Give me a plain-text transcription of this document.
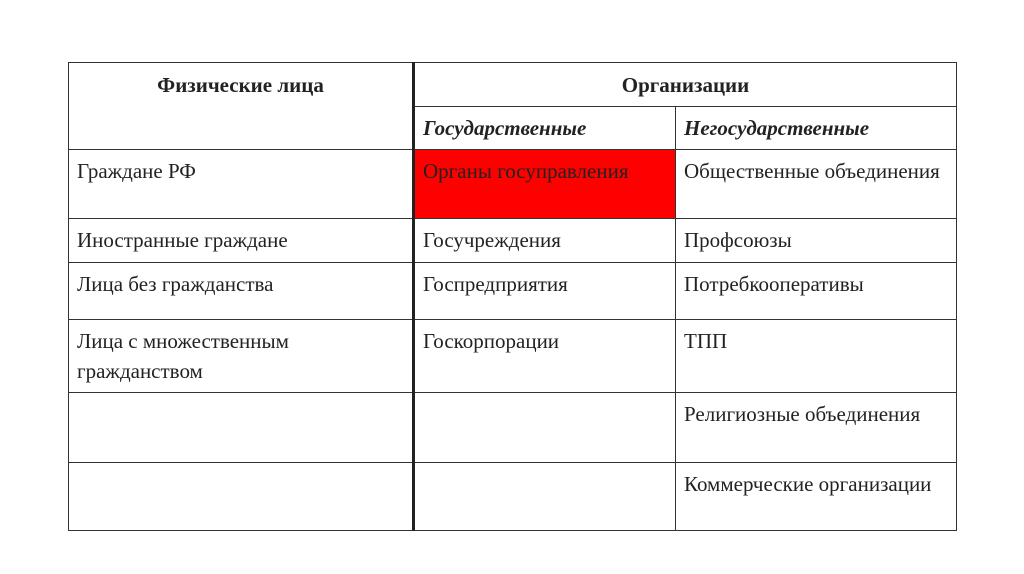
Физические лица	Организации	

	Государственные	Негосударственные

Граждане РФ	Органы госуправления	Общественные объединения

Иностранные граждане	Госучреждения	Профсоюзы

Лица без гражданства	Госпредприятия	Потребкооперативы

Лица с множественным гражданством	Госкорпорации	ТПП

		Религиозные объединения

		Коммерческие организации
